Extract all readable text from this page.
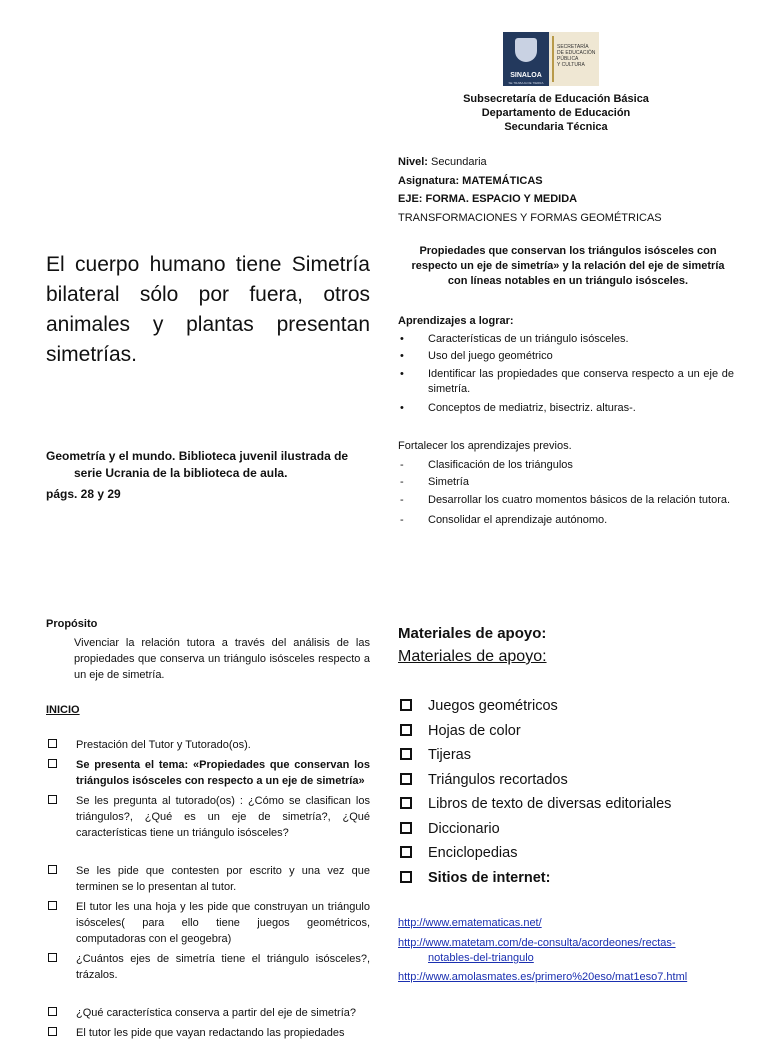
SINALOA
SE TRABAJA DE TIERRA
SECRETARÍA
DE EDUCACIÓN
PÚBLICA
Y CULTURA
Subsecretaría de Educación Básica
Departamento de Educación
Secundaria Técnica
Nivel: Secundaria
Asignatura: MATEMÁTICAS
EJE: FORMA. ESPACIO Y MEDIDA
TRANSFORMACIONES Y FORMAS GEOMÉTRICAS
El cuerpo humano tiene Simetría bilateral sólo por fuera, otros animales y plantas presentan simetrías.
Propiedades que conservan los triángulos isósceles con respecto un eje de simetría» y la relación del eje de simetría con líneas notables en un triángulo isósceles.
Geometría y el mundo. Biblioteca juvenil ilustrada de
serie Ucrania de la biblioteca de aula.
págs. 28 y 29
Aprendizajes a lograr:
• Características de un triángulo isósceles.
• Uso del juego geométrico
• Identificar las propiedades que conserva respecto a un eje de simetría.
• Conceptos de mediatriz, bisectriz. alturas-.
Fortalecer los aprendizajes previos.
- Clasificación de los triángulos
- Simetría
- Desarrollar los cuatro momentos básicos de la relación tutora.
- Consolidar el aprendizaje autónomo.
Propósito
Vivenciar la relación tutora a través del análisis de las propiedades que conserva un triángulo isósceles respecto a un eje de simetría.
INICIO
Prestación del Tutor y Tutorado(os).
Se presenta el tema: «Propiedades que conservan los triángulos isósceles con respecto a un eje de simetría»
Se les pregunta al tutorado(os) : ¿Cómo se clasifican los triángulos?, ¿Qué es un eje de simetría?, ¿Qué características tiene un triángulo isósceles?
Se les pide que contesten por escrito y una vez que terminen se lo presentan al tutor.
El tutor les una hoja y les pide que construyan un triángulo isósceles( para ello tiene juegos geométricos, computadoras con el geogebra)
¿Cuántos ejes de simetría tiene el triángulo isósceles?, trázalos.
¿Qué característica conserva a partir del eje de simetría?
El tutor les pide que vayan redactando las propiedades
Materiales de apoyo:
Materiales de apoyo:
Juegos geométricos
Hojas de color
Tijeras
Triángulos recortados
Libros de texto de diversas editoriales
Diccionario
Enciclopedias
Sitios de internet:
http://www.ematematicas.net/
http://www.matetam.com/de-consulta/acordeones/rectas-
notables-del-triangulo
http://www.amolasmates.es/primero%20eso/mat1eso7.html
